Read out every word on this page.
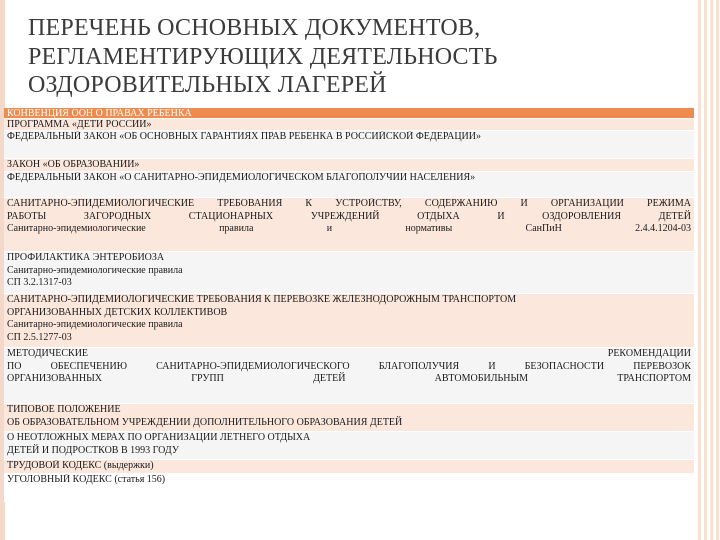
ПЕРЕЧЕНЬ ОСНОВНЫХ ДОКУМЕНТОВ,
РЕГЛАМЕНТИРУЮЩИХ ДЕЯТЕЛЬНОСТЬ
ОЗДОРОВИТЕЛЬНЫХ ЛАГЕРЕЙ
КОНВЕНЦИЯ ООН О ПРАВАХ РЕБЕНКА
ПРОГРАММА «ДЕТИ РОССИИ»
ФЕДЕРАЛЬНЫЙ ЗАКОН «ОБ ОСНОВНЫХ ГАРАНТИЯХ ПРАВ РЕБЕНКА В РОССИЙСКОЙ ФЕДЕРАЦИИ»
ЗАКОН «ОБ ОБРАЗОВАНИИ»
ФЕДЕРАЛЬНЫЙ ЗАКОН «О САНИТАРНО-ЭПИДЕМИОЛОГИЧЕСКОМ БЛАГОПОЛУЧИИ НАСЕЛЕНИЯ»
САНИТАРНО-ЭПИДЕМИОЛОГИЧЕСКИЕ ТРЕБОВАНИЯ К УСТРОЙСТВУ, СОДЕРЖАНИЮ И ОРГАНИЗАЦИИ РЕЖИМА
РАБОТЫ ЗАГОРОДНЫХ СТАЦИОНАРНЫХ УЧРЕЖДЕНИЙ ОТДЫХА И ОЗДОРОВЛЕНИЯ ДЕТЕЙ
Санитарно-эпидемиологические правила и нормативы СанПиН 2.4.4.1204-03
ПРОФИЛАКТИКА ЭНТЕРОБИОЗА
Санитарно-эпидемиологические правила
СП 3.2.1317-03
САНИТАРНО-ЭПИДЕМИОЛОГИЧЕСКИЕ ТРЕБОВАНИЯ К ПЕРЕВОЗКЕ ЖЕЛЕЗНОДОРОЖНЫМ ТРАНСПОРТОМ
ОРГАНИЗОВАННЫХ ДЕТСКИХ КОЛЛЕКТИВОВ
Санитарно-эпидемиологические правила
СП 2.5.1277-03
МЕТОДИЧЕСКИЕ РЕКОМЕНДАЦИИ
ПО ОБЕСПЕЧЕНИЮ САНИТАРНО-ЭПИДЕМИОЛОГИЧЕСКОГО БЛАГОПОЛУЧИЯ И БЕЗОПАСНОСТИ ПЕРЕВОЗОК
ОРГАНИЗОВАННЫХ ГРУПП ДЕТЕЙ АВТОМОБИЛЬНЫМ ТРАНСПОРТОМ
ТИПОВОЕ ПОЛОЖЕНИЕ
ОБ ОБРАЗОВАТЕЛЬНОМ УЧРЕЖДЕНИИ ДОПОЛНИТЕЛЬНОГО ОБРАЗОВАНИЯ ДЕТЕЙ
О НЕОТЛОЖНЫХ МЕРАХ ПО ОРГАНИЗАЦИИ ЛЕТНЕГО ОТДЫХА
ДЕТЕЙ И ПОДРОСТКОВ В 1993 ГОДУ
ТРУДОВОЙ КОДЕКС (выдержки)
УГОЛОВНЫЙ КОДЕКС (статья 156)
